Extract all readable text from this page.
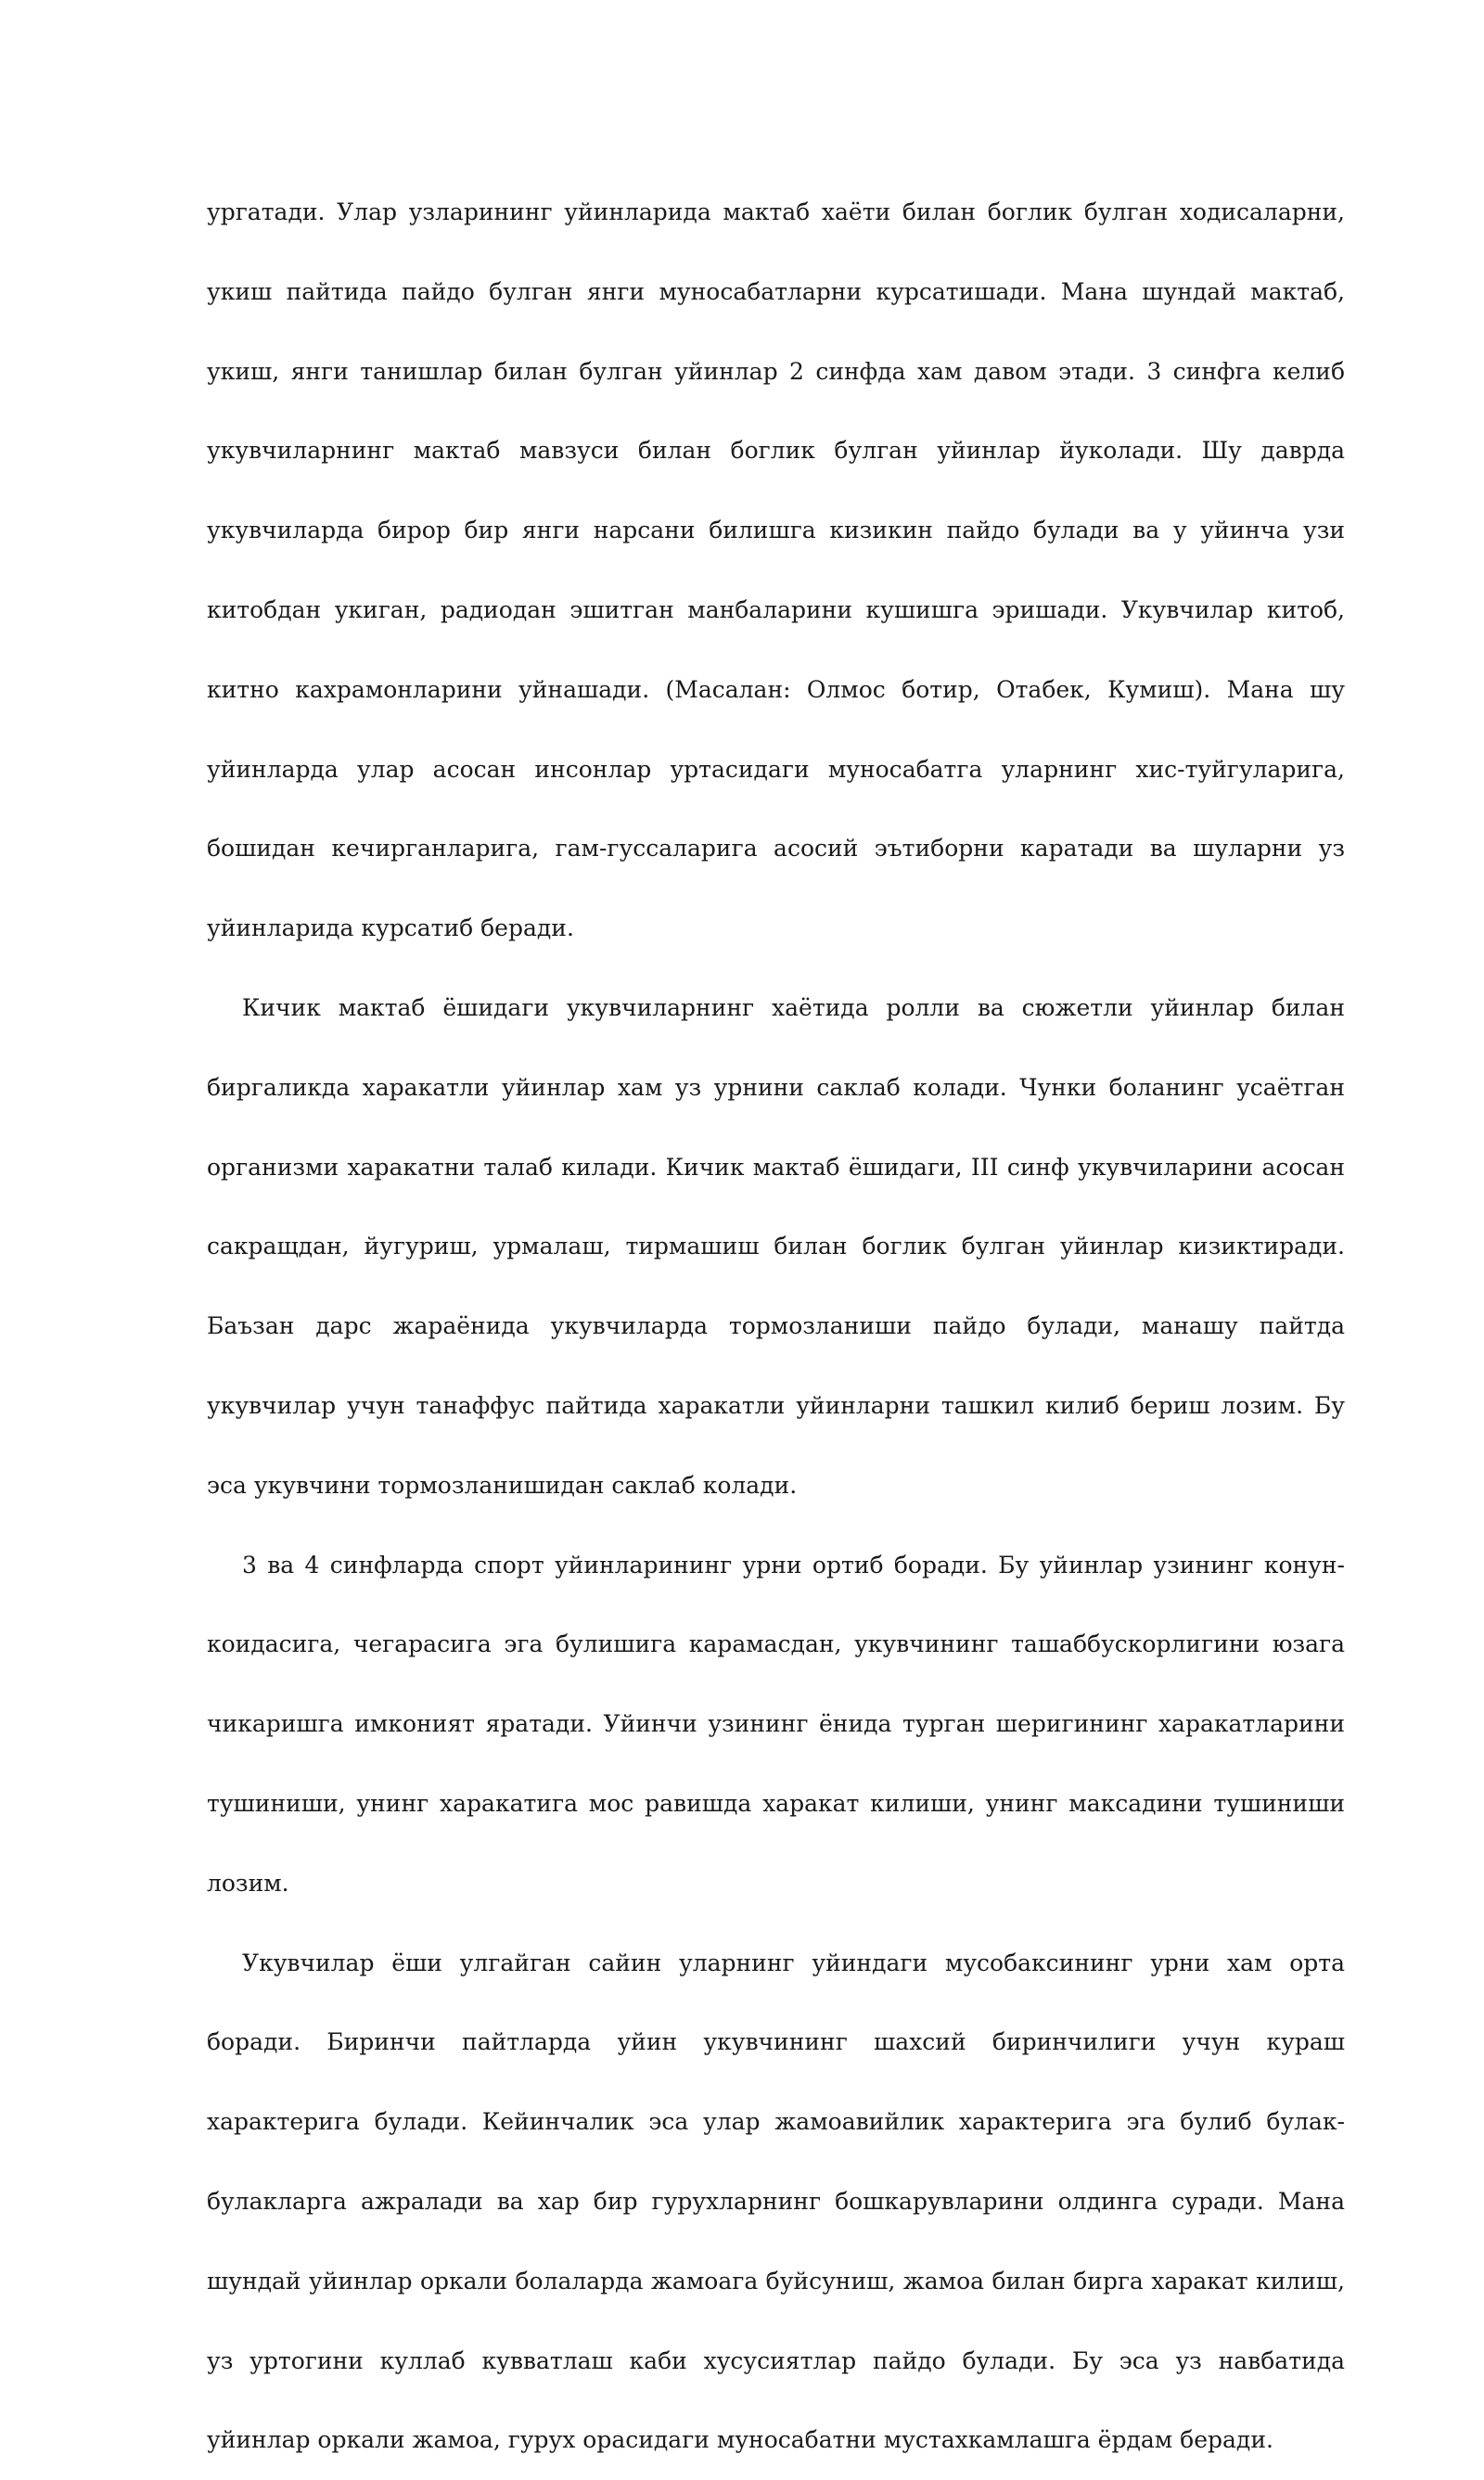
ургатади. Улар узларининг уйинларида мактаб хаёти билан боглик булган ходисаларни, укиш пайтида пайдо булган янги муносабатларни курсатишади. Мана шундай мактаб, укиш, янги танишлар билан булган уйинлар 2 синфда хам давом этади. 3 синфга келиб укувчиларнинг мактаб мавзуси билан боглик булган уйинлар йуколади. Шу даврда укувчиларда бирор бир янги нарсани билишга кизикин пайдо булади ва у уйинча узи китобдан укиган, радиодан эшитган манбаларини кушишга эришади. Укувчилар китоб, китно кахрамонларини уйнашади. (Масалан: Олмос ботир, Отабек, Кумиш). Мана шу уйинларда улар асосан инсонлар уртасидаги муносабатга уларнинг хис-туйгуларига, бошидан кечирганларига, гам-гуссаларига асосий эътиборни каратади ва шуларни уз уйинларида курсатиб беради.

Кичик мактаб ёшидаги укувчиларнинг хаётида ролли ва сюжетли уйинлар билан биргаликда харакатли уйинлар хам уз урнини саклаб колади. Чунки боланинг усаётган организми харакатни талаб килади. Кичик мактаб ёшидаги, III синф укувчиларини асосан сакращдан, йугуриш, урмалаш, тирмашиш билан боглик булган уйинлар кизиктиради. Баъзан дарс жараёнида укувчиларда тормозланиши пайдо булади, манашу пайтда укувчилар учун танаффус пайтида харакатли уйинларни ташкил килиб бериш лозим. Бу эса укувчини тормозланишидан саклаб колади.

3 ва 4 синфларда спорт уйинларининг урни ортиб боради. Бу уйинлар узининг конун-коидасига, чегарасига эга булишига карамасдан, укувчининг ташаббускорлигини юзага чикаришга имконият яратади. Уйинчи узининг ёнида турган шеригининг харакатларини тушиниши, унинг харакатига мос равишда харакат килиши, унинг максадини тушиниши лозим.

Укувчилар ёши улгайган сайин уларнинг уйиндаги мусобаксининг урни хам орта боради. Биринчи пайтларда уйин укувчининг шахсий биринчилиги учун кураш характерига булади. Кейинчалик эса улар жамоавийлик характерига эга булиб булак-булакларга ажралади ва хар бир гурухларнинг бошкарувларини олдинга суради. Мана шундай уйинлар оркали болаларда жамоага буйсуниш, жамоа билан бирга харакат килиш, уз уртогини куллаб кувватлаш каби хусусиятлар пайдо булади. Бу эса уз навбатида уйинлар оркали жамоа, гурух орасидаги муносабатни мустахкамлашга ёрдам беради.
